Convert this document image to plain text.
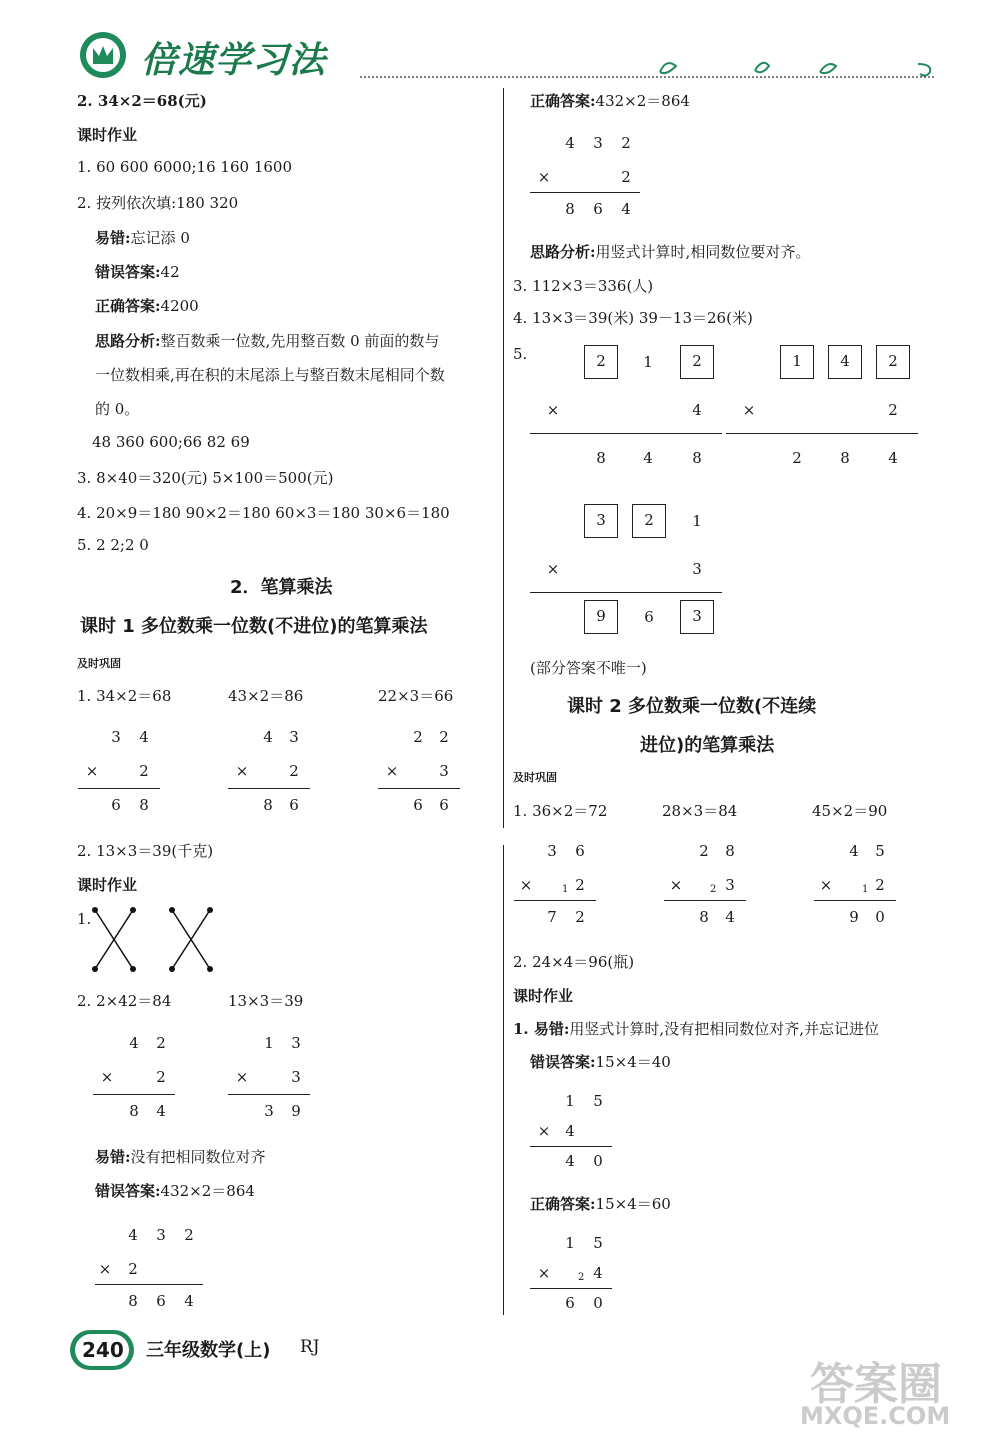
倍速学习法
2. 34×2＝68(元)
课时作业
1. 60 600 6000;16 160 1600
2. 按列依次填:180 320
易错:忘记添 0
错误答案:42
正确答案:4200
思路分析:整百数乘一位数,先用整百数 0 前面的数与
一位数相乘,再在积的末尾添上与整百数末尾相同个数
的 0。
48 360 600;66 82 69
3. 8×40＝320(元) 5×100＝500(元)
4. 20×9＝180 90×2＝180 60×3＝180 30×6＝180
5. 2 2;2 0
2．笔算乘法
课时 1 多位数乘一位数(不进位)的笔算乘法
及时巩固
1. 34×2＝68	43×2＝86	22×3＝66
3 4
×	2
6 8
4 3
×	2
8 6
2 2
×	3
6 6
2. 13×3＝39(千克)
课时作业
1.
2. 2×42＝84	13×3＝39
4 2
×	2
8 4
1 3
×	3
3 9
易错:没有把相同数位对齐
错误答案:432×2＝864
4 3 2
× 2
8 6 4
正确答案:432×2＝864
4 3 2
×	2
8 6 4
思路分析:用竖式计算时,相同数位要对齐。
3. 112×3＝336(人)
4. 13×3＝39(米) 39－13＝26(米)
5.	2	1	2
×	4
8 4	8
1	4	2
×	2
2	8	4
3	2	1
×	3
9	6	3
(部分答案不唯一)
课时 2 多位数乘一位数(不连续
进位)的笔算乘法
及时巩固
1. 36×2＝72	28×3＝84	45×2＝90
3 6
×	1 2
7 2
2 8
×	2 3
8 4
4 5
×	1 2
9 0
2. 24×4＝96(瓶)
课时作业
1. 易错:用竖式计算时,没有把相同数位对齐,并忘记进位
错误答案:15×4＝40
1 5
× 4
4 0
正确答案:15×4＝60
1 5
×	2 4
6 0
240 三年级数学(上) RJ
答案圈
MXQE.COM
